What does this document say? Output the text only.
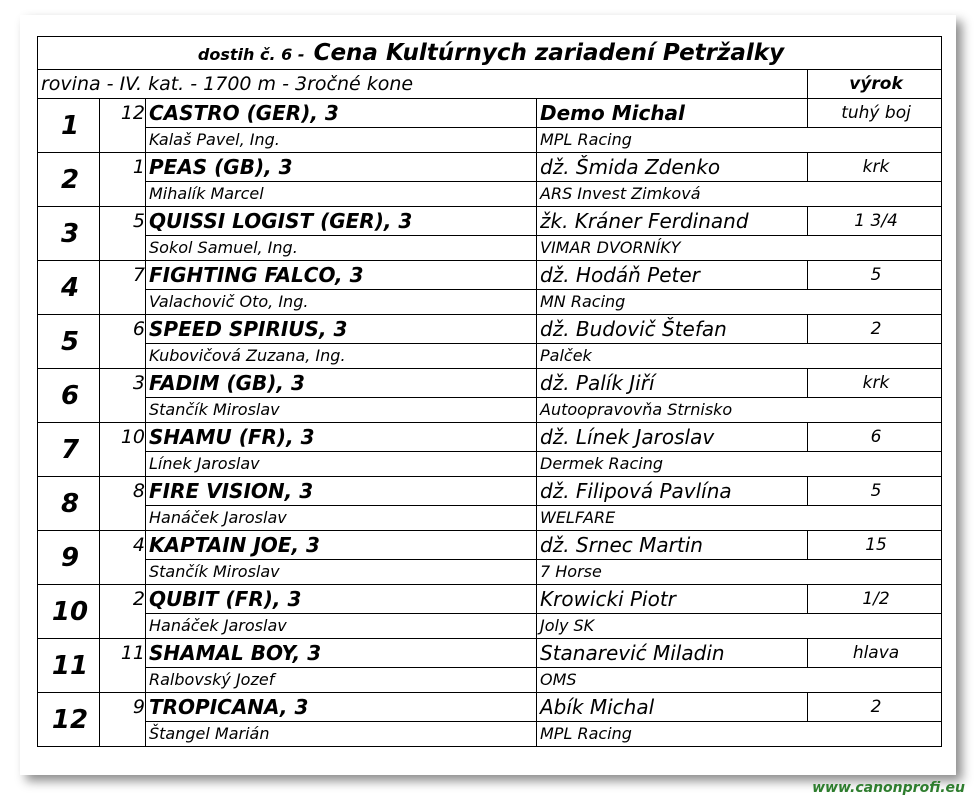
dostih č. 6 - Cena Kultúrnych zariadení Petržalky				
rovina - IV. kat. - 1700 m - 3ročné kone				výrok
1	12	CASTRO (GER), 3	Demo Michal	tuhý boj
		Kalaš Pavel, Ing.	MPL Racing	
2	1	PEAS (GB), 3	dž. Šmida Zdenko	krk
		Mihalík Marcel	ARS Invest Zimková	
3	5	QUISSI LOGIST (GER), 3	žk. Kráner Ferdinand	1 3/4
		Sokol Samuel, Ing.	VIMAR DVORNÍKY	
4	7	FIGHTING FALCO, 3	dž. Hodáň Peter	5
		Valachovič Oto, Ing.	MN Racing	
5	6	SPEED SPIRIUS, 3	dž. Budovič Štefan	2
		Kubovičová Zuzana, Ing.	Palček	
6	3	FADIM (GB), 3	dž. Palík Jiří	krk
		Stančík Miroslav	Autoopravovňa Strnisko	
7	10	SHAMU (FR), 3	dž. Línek Jaroslav	6
		Línek Jaroslav	Dermek Racing	
8	8	FIRE VISION, 3	dž. Filipová Pavlína	5
		Hanáček Jaroslav	WELFARE	
9	4	KAPTAIN JOE, 3	dž. Srnec Martin	15
		Stančík Miroslav	7 Horse	
10	2	QUBIT (FR), 3	Krowicki Piotr	1/2
		Hanáček Jaroslav	Joly SK	
11	11	SHAMAL BOY, 3	Stanarević Miladin	hlava
		Ralbovský Jozef	OMS	
12	9	TROPICANA, 3	Abík Michal	2
		Štangel Marián	MPL Racing	
www.canonprofi.eu
